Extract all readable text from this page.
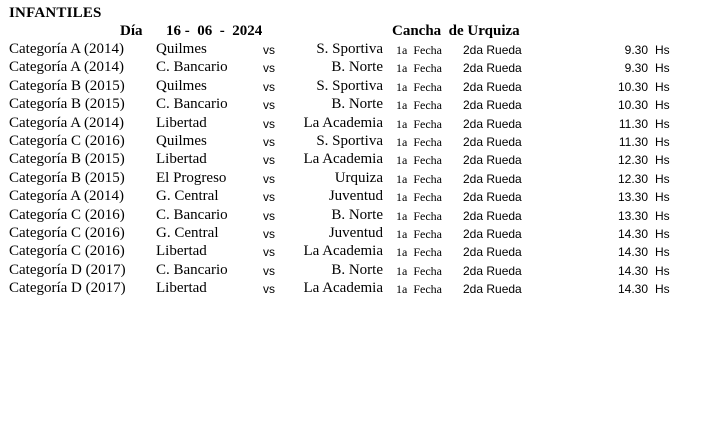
INFANTILES
Día 16 -  06  -  2024	Cancha  de Urquiza
Categoría A (2014) Quilmes	vs	S. Sportiva 1a  Fecha 2da Rueda	9.30 Hs
Categoría A (2014) C. Bancario	vs	B. Norte 1a  Fecha 2da Rueda	9.30 Hs
Categoría B (2015) Quilmes	vs	S. Sportiva 1a  Fecha 2da Rueda	10.30 Hs
Categoría B (2015) C. Bancario	vs	B. Norte 1a  Fecha 2da Rueda	10.30 Hs
Categoría A (2014) Libertad	vs La Academia 1a  Fecha 2da Rueda	11.30 Hs
Categoría C (2016) Quilmes	vs	S. Sportiva 1a  Fecha 2da Rueda	11.30 Hs
Categoría B (2015) Libertad	vs La Academia 1a  Fecha 2da Rueda	12.30 Hs
Categoría B (2015) El Progreso	vs	Urquiza 1a  Fecha 2da Rueda	12.30 Hs
Categoría A (2014) G. Central	vs	Juventud 1a  Fecha 2da Rueda	13.30 Hs
Categoría C (2016) C. Bancario	vs	B. Norte 1a  Fecha 2da Rueda	13.30 Hs
Categoría C (2016) G. Central	vs	Juventud 1a  Fecha 2da Rueda	14.30 Hs
Categoría C (2016) Libertad	vs La Academia 1a  Fecha 2da Rueda	14.30 Hs
Categoría D (2017) C. Bancario	vs	B. Norte 1a  Fecha 2da Rueda	14.30 Hs
Categoría D (2017) Libertad	vs La Academia 1a  Fecha 2da Rueda	14.30 Hs
